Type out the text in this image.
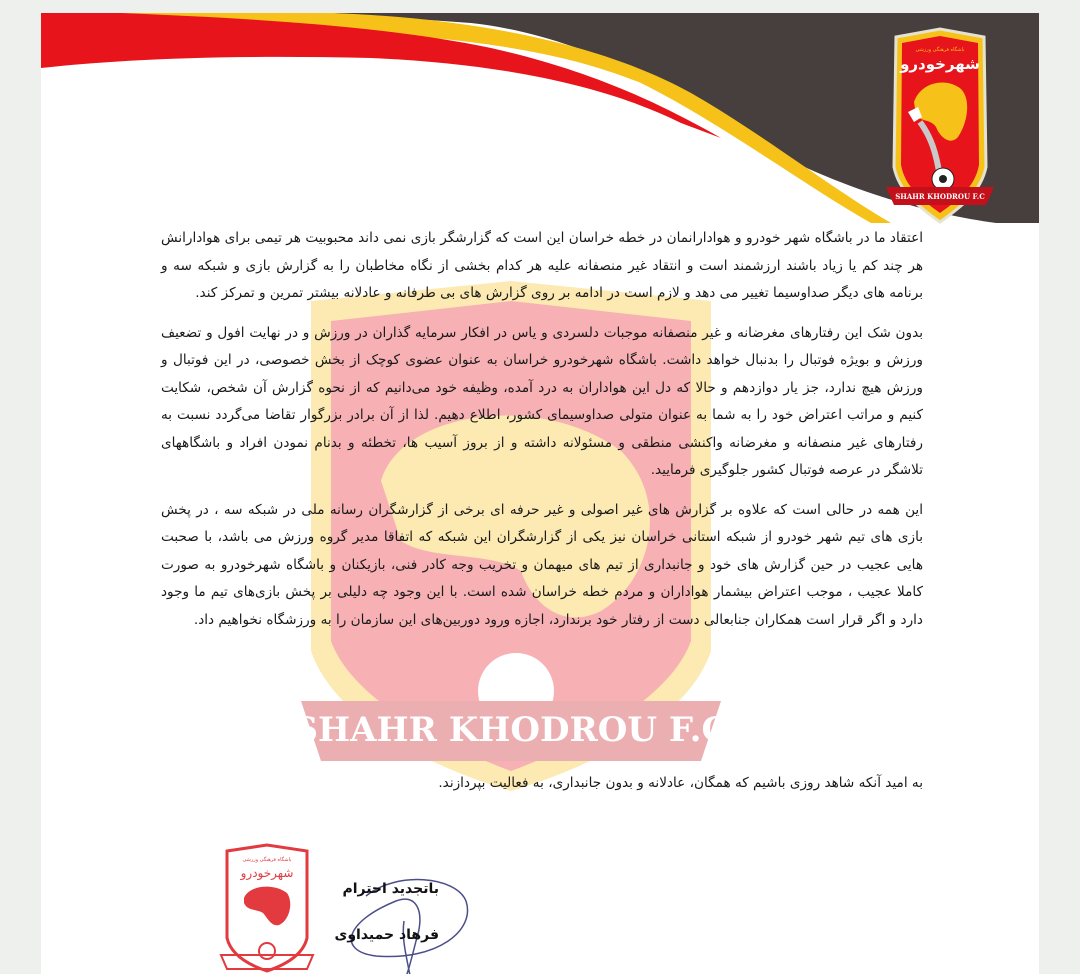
باشگاه فرهنگی ورزشی
شهرخودرو
SHAHR KHODROU F.C
SHAHR KHODROU F.C

اعتقاد ما در باشگاه شهر خودرو و هوادارانمان در خطه خراسان این است که گزارشگر بازی نمی داند محبوبیت هر تیمی برای هوادارانش هر چند کم یا زیاد باشند ارزشمند است و انتقاد غیر منصفانه علیه هر کدام بخشی از نگاه مخاطبان را به گزارش بازی و شبکه سه و برنامه های دیگر صداوسیما تغییر می دهد و لازم است در ادامه بر روی گزارش های بی طرفانه و عادلانه بیشتر تمرین و تمرکز کند.

بدون شک این رفتارهای مغرضانه و غیر منصفانه موجبات دلسردی و یاس در افکار سرمایه گذاران در ورزش و در نهایت افول و تضعیف ورزش و بویژه فوتبال را بدنبال خواهد داشت. باشگاه شهرخودرو خراسان به عنوان عضوی کوچک از بخش خصوصی، در این فوتبال و ورزش هیچ ندارد، جز یار دوازدهم و حالا که دل این هواداران به درد آمده، وظیفه خود می‌دانیم که از نحوه گزارش آن شخص، شکایت کنیم و مراتب اعتراض خود را به شما به عنوان متولی صداوسیمای کشور، اطلاع دهیم. لذا از آن برادر بزرگوار تقاضا می‌گردد نسبت به رفتارهای غیر منصفانه و مغرضانه واکنشی منطقی و مسئولانه داشته و از بروز آسیب ها، تخطئه و بدنام نمودن افراد و باشگاههای تلاشگر در عرصه فوتبال کشور جلوگیری فرمایید.

این همه در حالی است که علاوه بر گزارش های غیر اصولی و غیر حرفه ای برخی از گزارشگران رسانه ملی در شبکه سه ، در پخش بازی های تیم شهر خودرو از شبکه استانی خراسان نیز یکی از گزارشگران این شبکه که اتفاقا مدیر گروه ورزش می باشد، با صحبت هایی عجیب در حین گزارش های خود و جانبداری از تیم های میهمان و تخریب وجه کادر فنی، بازیکنان و باشگاه شهرخودرو به صورت کاملا عجیب ، موجب اعتراض بیشمار هواداران و مردم خطه خراسان شده است. با این وجود چه دلیلی بر پخش بازی‌های تیم ما وجود دارد و اگر قرار است همکاران جنابعالی دست از رفتار خود برندارد، اجازه ورود دوربین‌های این سازمان را به ورزشگاه نخواهیم داد.

به امید آنکه شاهد روزی باشیم که همگان، عادلانه و بدون جانبداری، به فعالیت بپردازند.
باشگاه فرهنگی ورزشی
شهرخودرو
باتجدید احترام
فرهاد حمیداوی
